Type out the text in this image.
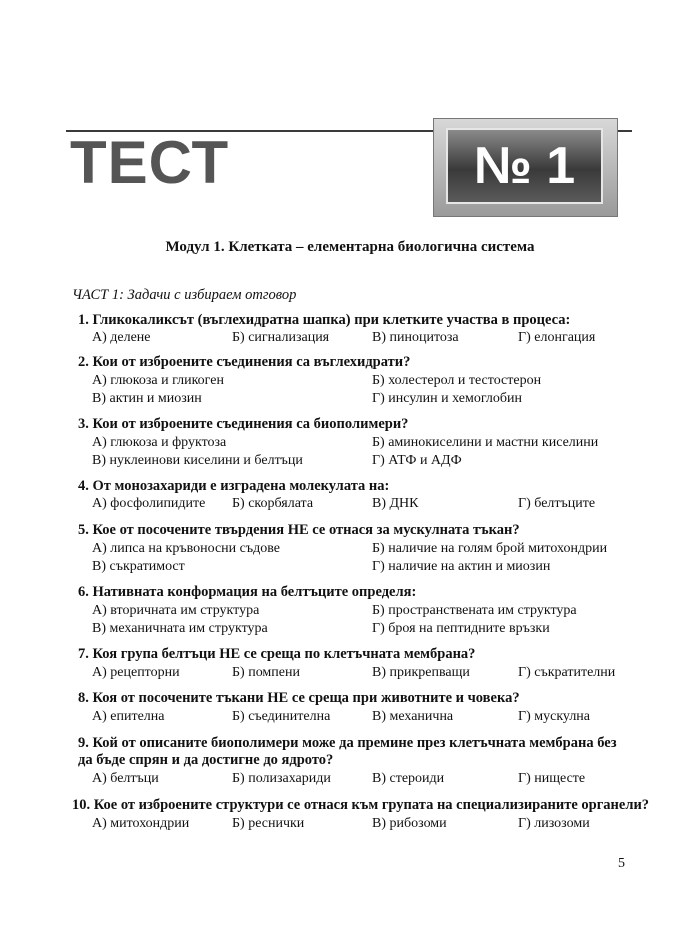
ТЕСТ	№ 1
Модул 1. Клетката – елементарна биологична система
ЧАСТ 1: Задачи с избираем отговор
1. Гликокаликсът (въглехидратна шапка) при клетките участва в процеса:
А) делене	Б) сигнализация	В) пиноцитоза	Г) елонгация
2. Кои от изброените съединения са въглехидрати?
А) глюкоза и гликоген	Б) холестерол и тестостерон
В) актин и миозин	Г) инсулин и хемоглобин
3. Кои от изброените съединения са биополимери?
А) глюкоза и фруктоза	Б) аминокиселини и мастни киселини
В) нуклеинови киселини и белтъци	Г) АТФ и АДФ
4. От монозахариди е изградена молекулата на:
А) фосфолипидите Б) скорбялата	В) ДНК	Г) белтъците
5. Кое от посочените твърдения НЕ се отнася за мускулната тъкан?
А) липса на кръвоносни съдове	Б) наличие на голям брой митохондрии
В) съкратимост	Г) наличие на актин и миозин
6. Нативната конформация на белтъците определя:
А) вторичната им структура	Б) пространствената им структура
В) механичната им структура	Г) броя на пептидните връзки
7. Коя група белтъци НЕ се среща по клетъчната мембрана?
А) рецепторни	Б) помпени	В) прикрепващи	Г) съкратителни
8. Коя от посочените тъкани НЕ се среща при животните и човека?
А) епителна	Б) съединителна	В) механична	Г) мускулна
9. Кой от описаните биополимери може да премине през клетъчната мембрана без да бъде спрян и да достигне до ядрото?
А) белтъци	Б) полизахариди	В) стероиди	Г) нищесте
10. Кое от изброените структури се отнася към групата на специализираните органели?
А) митохондрии	Б) реснички	В) рибозоми	Г) лизозоми
5
